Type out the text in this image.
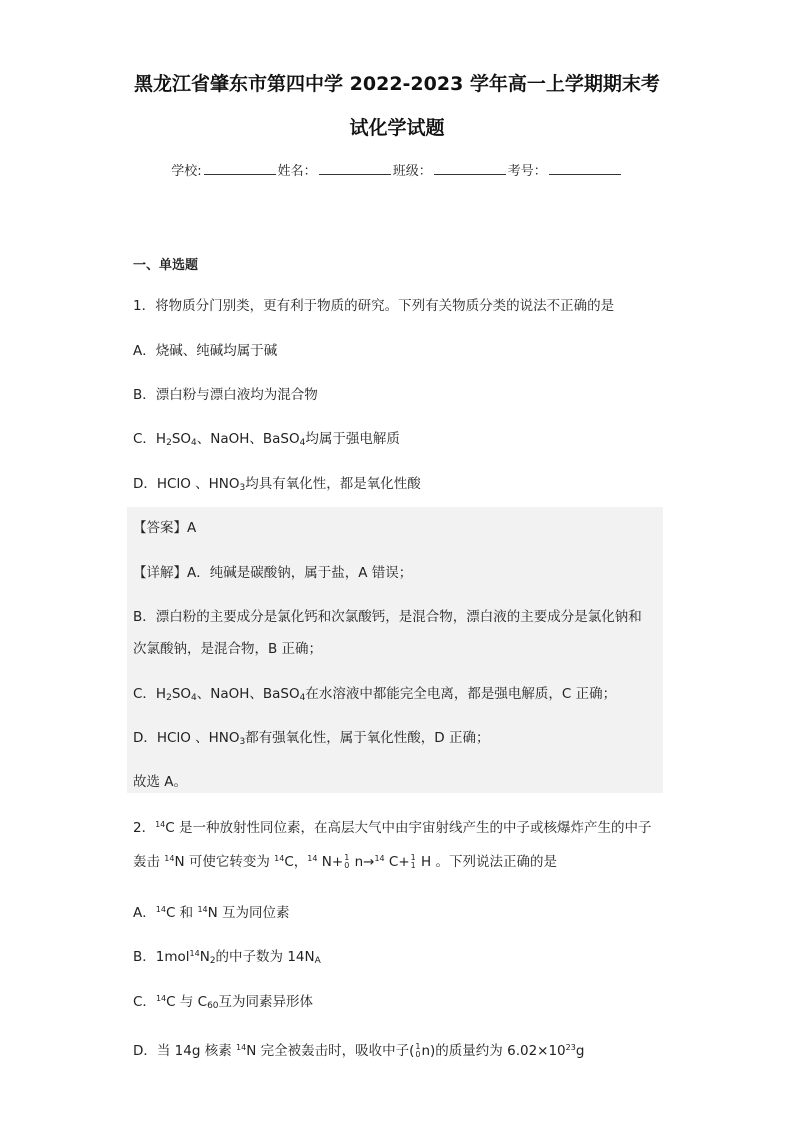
黑龙江省肇东市第四中学 2022-2023 学年高一上学期期末考
试化学试题
学校:	姓名：	班级：	考号：
一、单选题
1．将物质分门别类，更有利于物质的研究。下列有关物质分类的说法不正确的是
A．烧碱、纯碱均属于碱
B．漂白粉与漂白液均为混合物
C．$H_2SO_4$、NaOH、BaSO$_4$均属于强电解质
D．HClO 、$HNO_3$均具有氧化性，都是氧化性酸
【答案】A
【详解】A．纯碱是碳酸钠，属于盐，A 错误；
B．漂白粉的主要成分是氯化钙和次氯酸钙，是混合物，漂白液的主要成分是氯化钠和
次氯酸钠，是混合物，B 正确；
C．$H_2SO_4$、NaOH、BaSO$_4$在水溶液中都能完全电离，都是强电解质，C 正确；
D．HClO 、$HNO_3$都有强氧化性，属于氧化性酸，D 正确；
故选 A。
2．$^{14}$C 是一种放射性同位素，在高层大气中由宇宙射线产生的中子或核爆炸产生的中子
轰击 $^{14}$N 可使它转变为 $^{14}$C，$^{14}$ N+1
0 n→$^{14}$ C+1
1 H 。下列说法正确的是
A．$^{14}$C 和 $^{14}$N 互为同位素
B．$1mol^{14}N_2$的中子数为 $14N_A$
C．$^{14}$C 与 $C_{60}$互为同素异形体
D．当 14g 核素 $^{14}$N 完全被轰击时，吸收中子(1
0n)的质量约为 $6.02\times 10^{23}g$
